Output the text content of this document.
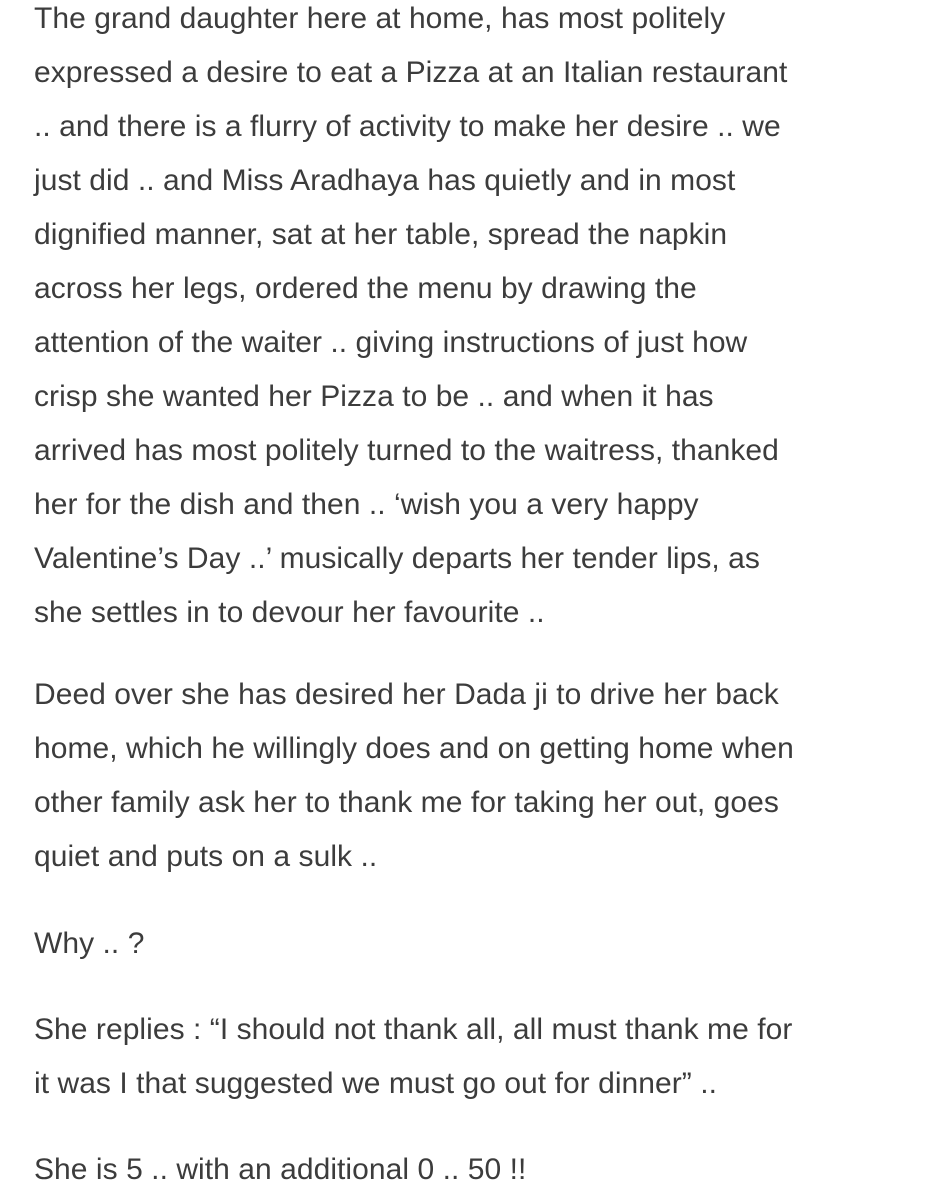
The grand daughter here at home, has most politely
expressed a desire to eat a Pizza at an Italian restaurant
.. and there is a flurry of activity to make her desire .. we
just did .. and Miss Aradhaya has quietly and in most
dignified manner, sat at her table, spread the napkin
across her legs, ordered the menu by drawing the
attention of the waiter .. giving instructions of just how
crisp she wanted her Pizza to be .. and when it has
arrived has most politely turned to the waitress, thanked
her for the dish and then .. ‘wish you a very happy
Valentine’s Day ..’ musically departs her tender lips, as
she settles in to devour her favourite ..
Deed over she has desired her Dada ji to drive her back
home, which he willingly does and on getting home when
other family ask her to thank me for taking her out, goes
quiet and puts on a sulk ..
Why .. ?
She replies : “I should not thank all, all must thank me for
it was I that suggested we must go out for dinner” ..
She is 5 .. with an additional 0 .. 50 !!
